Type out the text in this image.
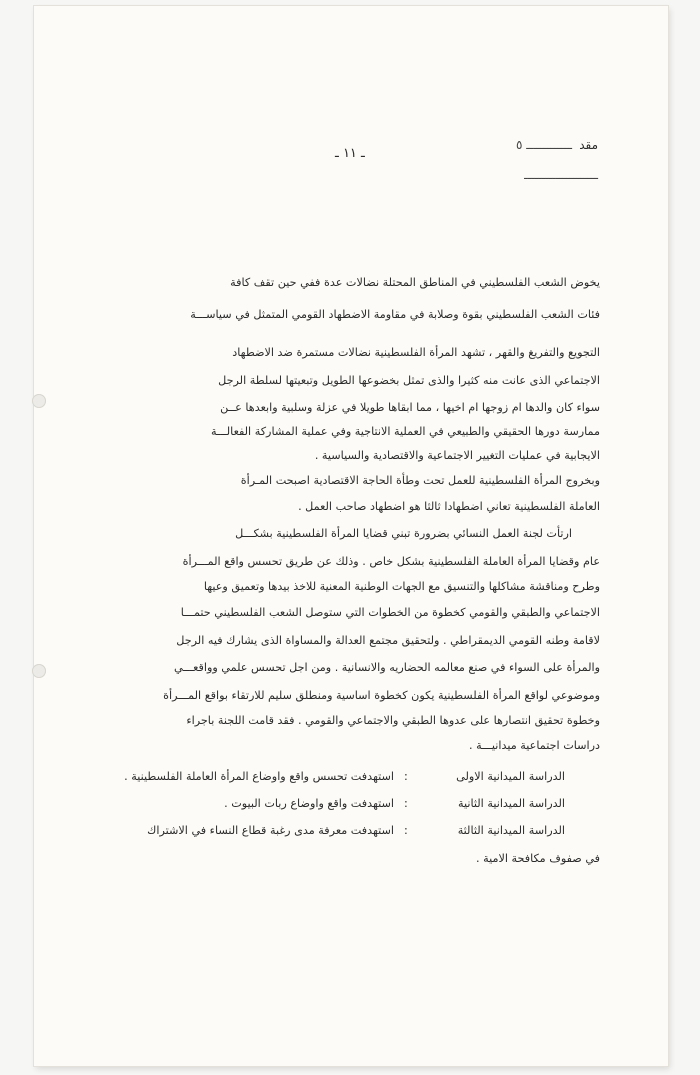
ـ ١١ ـ
مقد
ـــــــــــــ ٥
ـــــــــــــــــــــ
يخوض الشعب الفلسطيني في المناطق المحتلة نضالات عدة ففي حين تقف كافة
فئات الشعب الفلسطيني بقوة وصلابة في مقاومة الاضطهاد القومي المتمثل في سياســـة
التجويع والتفريغ والقهر ، تشهد المرأة الفلسطينية نضالات مستمرة ضد الاضطهاد
الاجتماعي الذى عانت منه كثيرا والذى تمثل بخضوعها الطويل وتبعيتها لسلطة الرجل
سواء كان والدها ام زوجها ام اخيها ، مما ابقاها طويلا في عزلة وسلبية وابعدها عــن
ممارسة دورها الحقيقي والطبيعي في العملية الانتاجية وفي عملية المشاركة الفعالـــة
الايجابية في عمليات التغيير الاجتماعية والاقتصادية والسياسية .
وبخروج المرأة الفلسطينية للعمل تحت وطأة الحاجة الاقتصادية اصبحت المـرأة
العاملة الفلسطينية تعاني اضطهادا ثالثا هو اضطهاد صاحب العمل .
ارتأت لجنة العمل النسائي بضرورة تبني قضايا المرأة الفلسطينية بشكـــل
عام وقضايا المرأة العاملة الفلسطينية بشكل خاص . وذلك عن طريق تحسس واقع المـــرأة
وطرح ومناقشة مشاكلها والتنسيق مع الجهات الوطنية المعنية للاخذ بيدها وتعميق وعيها
الاجتماعي والطبقي والقومي كخطوة من الخطوات التي ستوصل الشعب الفلسطيني حتمـــا
لاقامة وطنه القومي الديمقراطي . ولتحقيق مجتمع العدالة والمساواة الذى يشارك فيه الرجل
والمرأة على السواء في صنع معالمه الحضاريه والانسانية . ومن اجل تحسس علمي وواقعـــي
وموضوعي لواقع المرأة الفلسطينية يكون كخطوة اساسية ومنطلق سليم للارتقاء بواقع المـــرأة
وخطوة تحقيق انتصارها على عدوها الطبقي والاجتماعي والقومي . فقد قامت اللجنة باجراء
دراسات اجتماعية ميدانيـــة .
الدراسة الميدانية الاولى
:
استهدفت تحسس واقع واوضاع المرأة العاملة الفلسطينية .
الدراسة الميدانية الثانية
:
استهدفت واقع واوضاع ربات البيوت .
الدراسة الميدانية الثالثة
:
استهدفت معرفة مدى رغبة قطاع النساء في الاشتراك
في صفوف مكافحة الامية .
